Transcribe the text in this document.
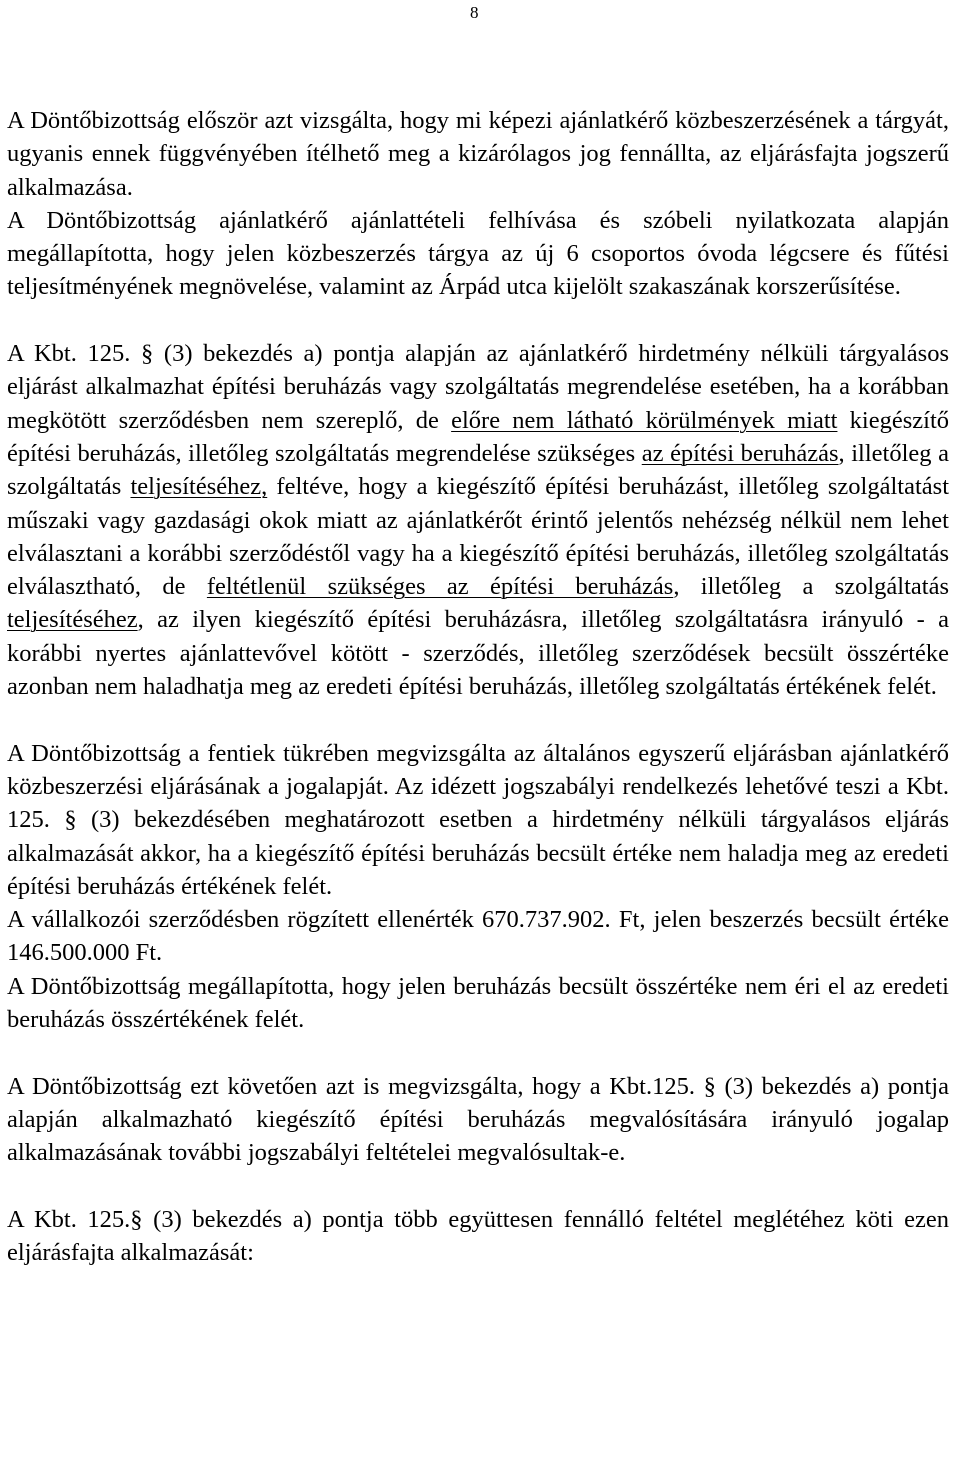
8

A Döntőbizottság először azt vizsgálta, hogy mi képezi ajánlatkérő közbeszerzésének a tárgyát, ugyanis ennek függvényében ítélhető meg a kizárólagos jog fennállta, az eljárásfajta jogszerű alkalmazása.

A Döntőbizottság ajánlatkérő ajánlattételi felhívása és szóbeli nyilatkozata alapján megállapította, hogy jelen közbeszerzés tárgya az új 6 csoportos óvoda légcsere és fűtési teljesítményének megnövelése, valamint az Árpád utca kijelölt szakaszának korszerűsítése.

A Kbt. 125. § (3) bekezdés a) pontja alapján az ajánlatkérő hirdetmény nélküli tárgyalásos eljárást alkalmazhat építési beruházás vagy szolgáltatás megrendelése esetében, ha a korábban megkötött szerződésben nem szereplő, de előre nem látható körülmények miatt kiegészítő építési beruházás, illetőleg szolgáltatás megrendelése szükséges az építési beruházás, illetőleg a szolgáltatás teljesítéséhez, feltéve, hogy a kiegészítő építési beruházást, illetőleg szolgáltatást műszaki vagy gazdasági okok miatt az ajánlatkérőt érintő jelentős nehézség nélkül nem lehet elválasztani a korábbi szerződéstől vagy ha a kiegészítő építési beruházás, illetőleg szolgáltatás elválasztható, de feltétlenül szükséges az építési beruházás, illetőleg a szolgáltatás teljesítéséhez, az ilyen kiegészítő építési beruházásra, illetőleg szolgáltatásra irányuló - a korábbi nyertes ajánlattevővel kötött - szerződés, illetőleg szerződések becsült összértéke azonban nem haladhatja meg az eredeti építési beruházás, illetőleg szolgáltatás értékének felét.

A Döntőbizottság a fentiek tükrében megvizsgálta az általános egyszerű eljárásban ajánlatkérő közbeszerzési eljárásának a jogalapját. Az idézett jogszabályi rendelkezés lehetővé teszi a Kbt. 125. § (3) bekezdésében meghatározott esetben a hirdetmény nélküli tárgyalásos eljárás alkalmazását akkor, ha a kiegészítő építési beruházás becsült értéke nem haladja meg az eredeti építési beruházás értékének felét.

A vállalkozói szerződésben rögzített ellenérték 670.737.902. Ft, jelen beszerzés becsült értéke 146.500.000 Ft.

A Döntőbizottság megállapította, hogy jelen beruházás becsült összértéke nem éri el az eredeti beruházás összértékének felét.

A Döntőbizottság ezt követően azt is megvizsgálta, hogy a Kbt.125. § (3) bekezdés a) pontja alapján alkalmazható kiegészítő építési beruházás megvalósítására irányuló jogalap alkalmazásának további jogszabályi feltételei megvalósultak-e.

A Kbt. 125.§ (3) bekezdés a) pontja több együttesen fennálló feltétel meglétéhez köti ezen eljárásfajta alkalmazását:
